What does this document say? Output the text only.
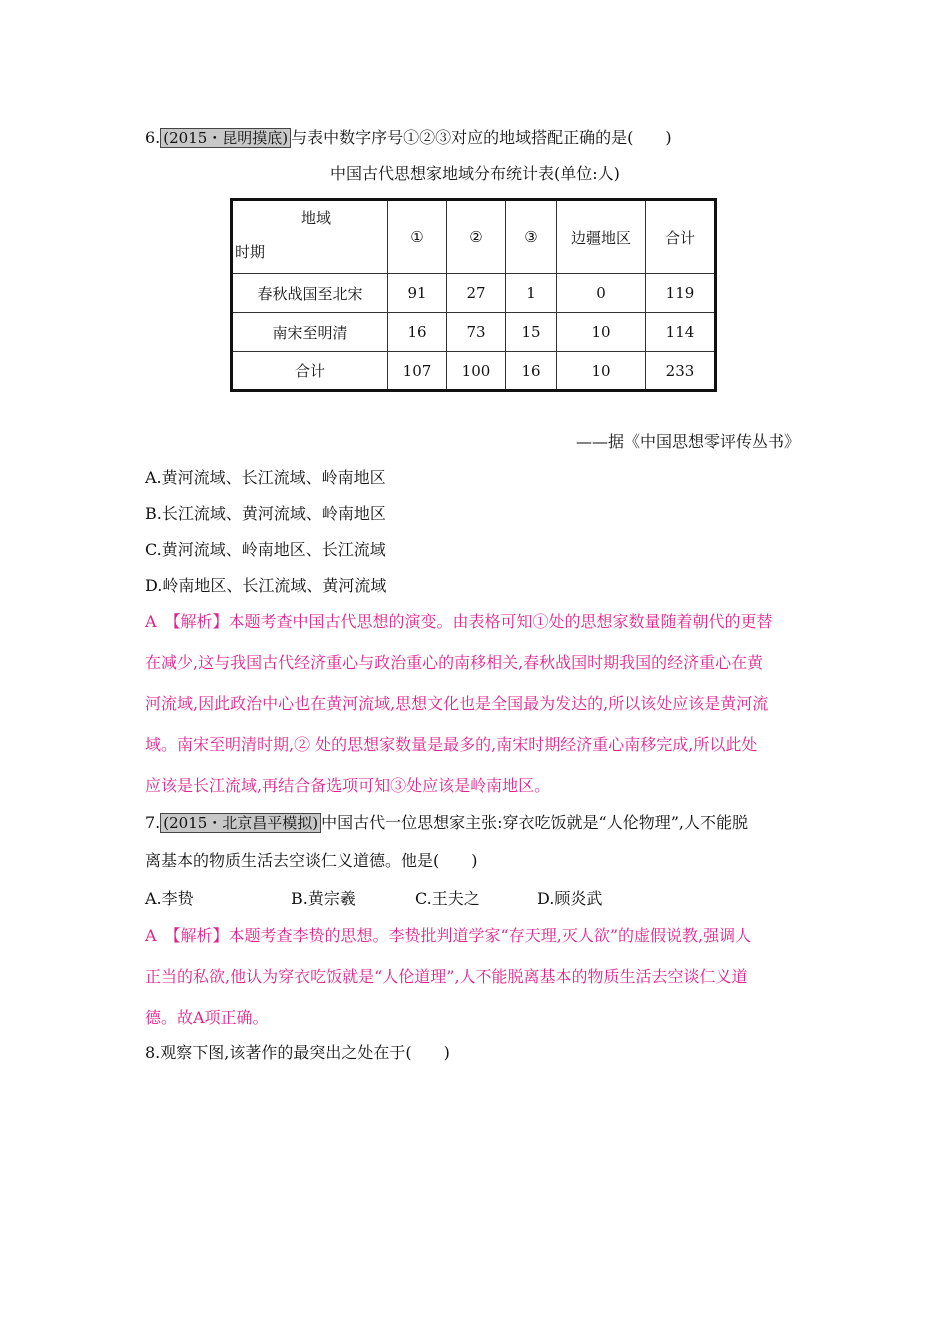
6. (2015・昆明摸底) 与表中数字序号①②③对应的地域搭配正确的是(　　)
中国古代思想家地域分布统计表(单位:人)
地域
时期	①	②	③	边疆地区	合计
春秋战国至北宋	91	27	1	0	119
南宋至明清	16	73	15	10	114
合计	107	100	16	10	233
——据《中国思想零评传丛书》
A.黄河流域、长江流域、岭南地区
B.长江流域、黄河流域、岭南地区
C.黄河流域、岭南地区、长江流域
D.岭南地区、长江流域、黄河流域
A　【解析】本题考查中国古代思想的演变。由表格可知①处的思想家数量随着朝代的更替
在减少,这与我国古代经济重心与政治重心的南移相关,春秋战国时期我国的经济重心在黄
河流域,因此政治中心也在黄河流域,思想文化也是全国最为发达的,所以该处应该是黄河流
域。南宋至明清时期,② 处的思想家数量是最多的,南宋时期经济重心南移完成,所以此处
应该是长江流域,再结合备选项可知③处应该是岭南地区。
7. (2015・北京昌平模拟) 中国古代一位思想家主张:穿衣吃饭就是“人伦物理”,人不能脱
离基本的物质生活去空谈仁义道德。他是(　　)
A.李贽	B.黄宗羲	C.王夫之	D.顾炎武
A　【解析】本题考查李贽的思想。李贽批判道学家“存天理,灭人欲”的虚假说教,强调人
正当的私欲,他认为穿衣吃饭就是“人伦道理”,人不能脱离基本的物质生活去空谈仁义道
德。故A项正确。
8.观察下图,该著作的最突出之处在于(　　)
